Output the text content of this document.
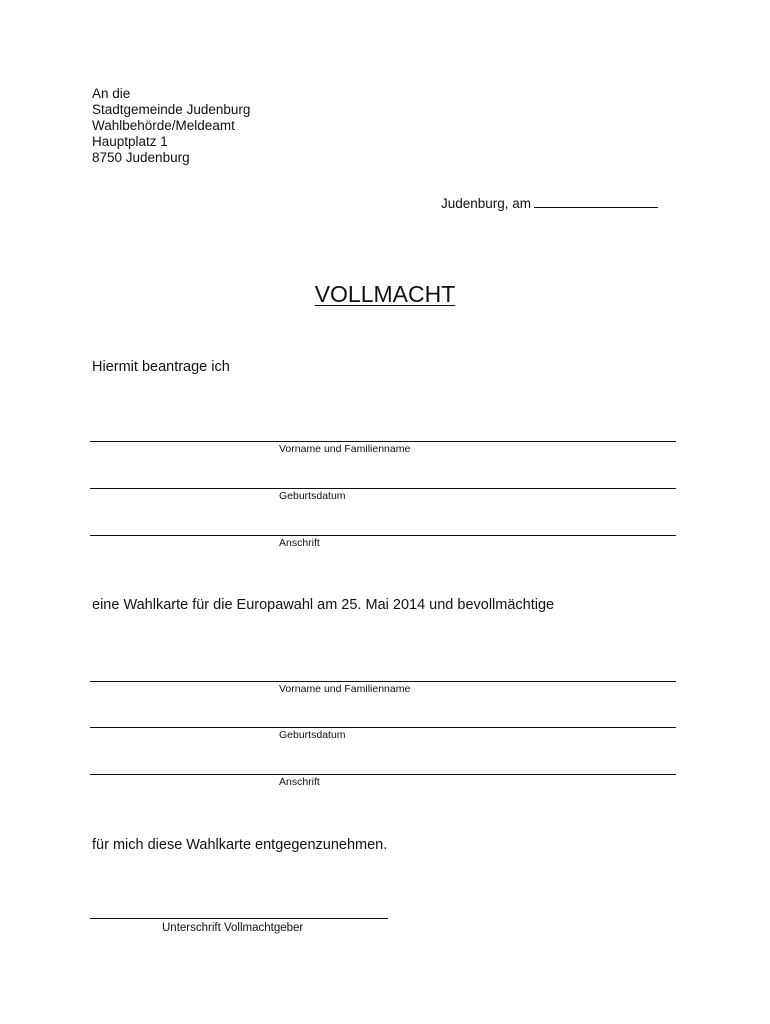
An die
Stadtgemeinde Judenburg
Wahlbehörde/Meldeamt
Hauptplatz 1
8750 Judenburg
Judenburg, am
VOLLMACHT
Hiermit beantrage ich
Vorname und Familienname
Geburtsdatum
Anschrift
eine Wahlkarte für die Europawahl am 25. Mai 2014 und bevollmächtige
Vorname und Familienname
Geburtsdatum
Anschrift
für mich diese Wahlkarte entgegenzunehmen.
Unterschrift Vollmachtgeber
